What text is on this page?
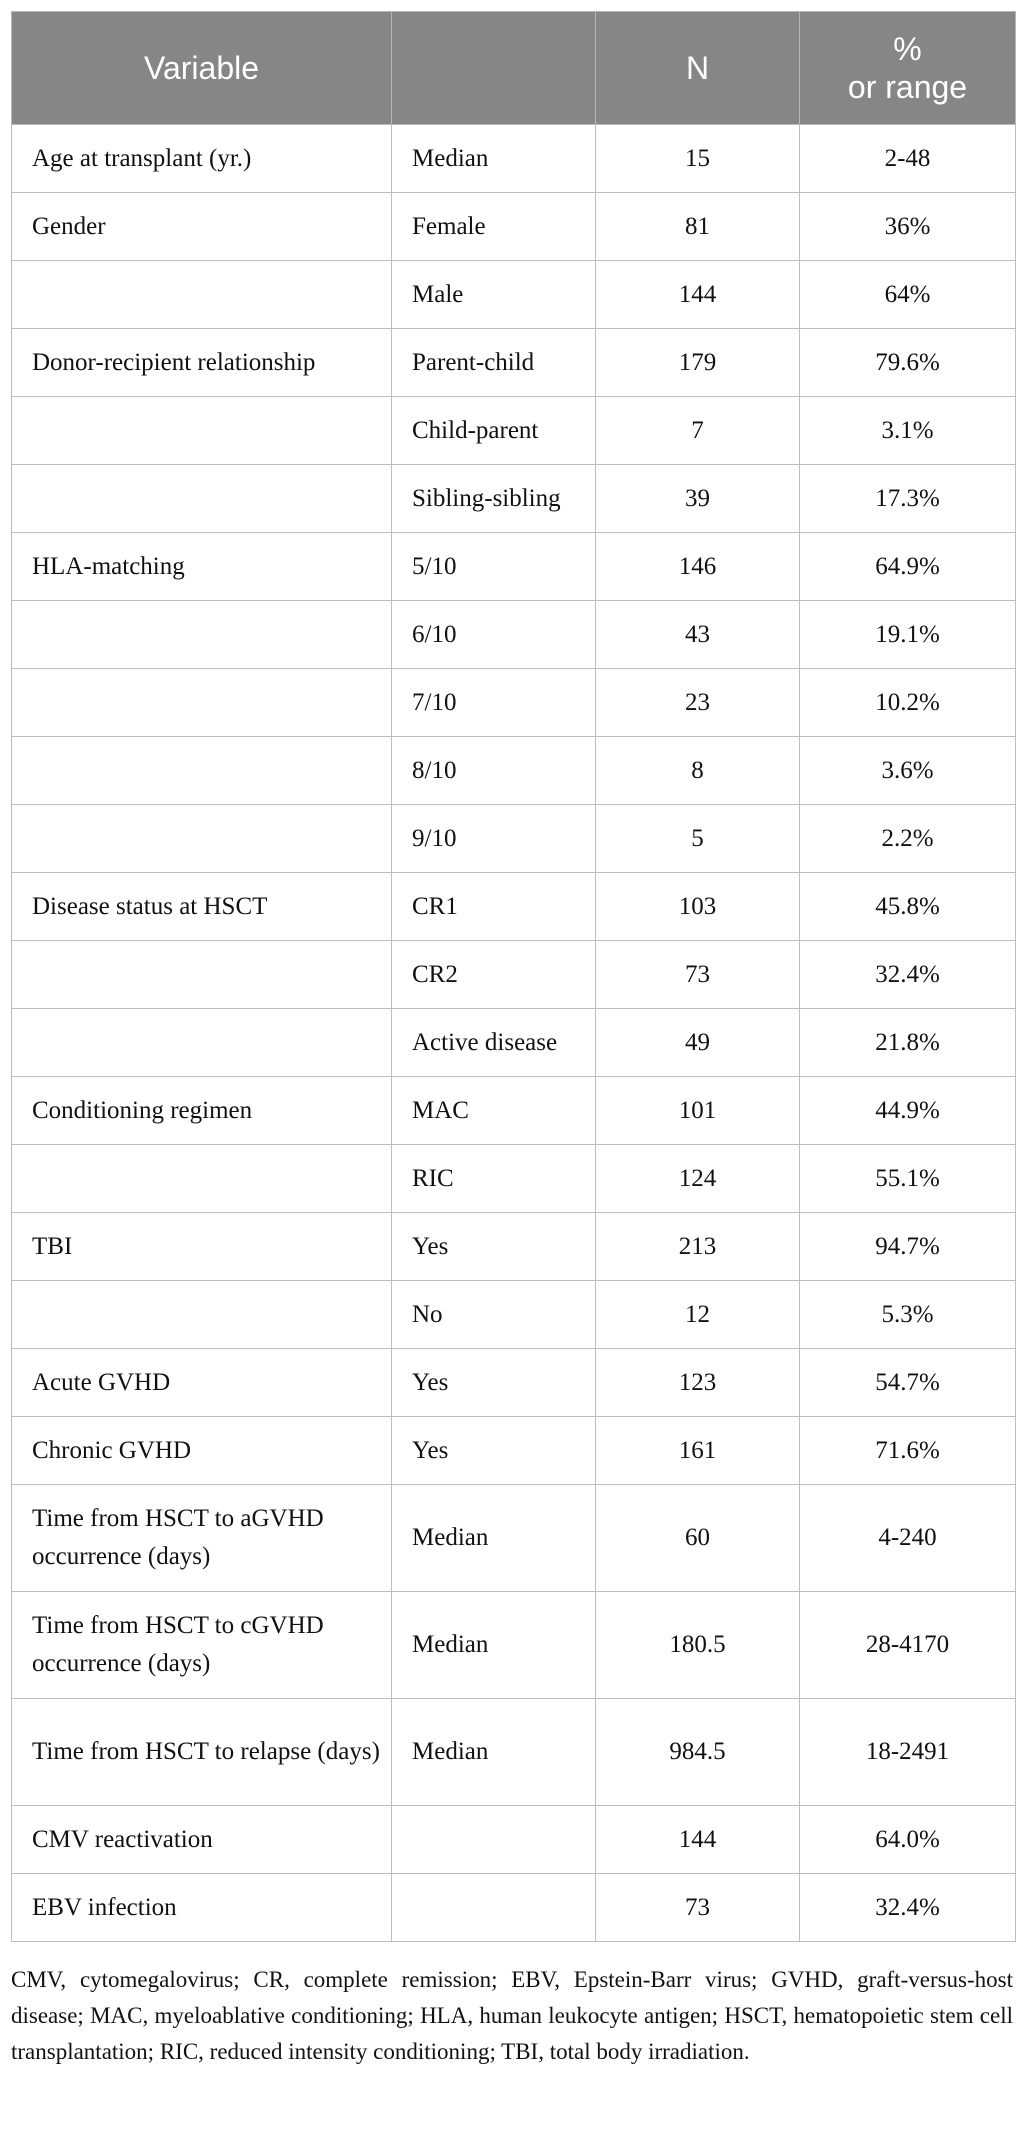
Variable		N	%
or range

Age at transplant (yr.)	Median	15	2-48
Gender	Female	81	36%
	Male	144	64%
Donor-recipient relationship	Parent-child	179	79.6%
	Child-parent	7	3.1%
	Sibling-sibling	39	17.3%
HLA-matching	5/10	146	64.9%
	6/10	43	19.1%
	7/10	23	10.2%
	8/10	8	3.6%
	9/10	5	2.2%
Disease status at HSCT	CR1	103	45.8%
	CR2	73	32.4%
	Active disease	49	21.8%
Conditioning regimen	MAC	101	44.9%
	RIC	124	55.1%
TBI	Yes	213	94.7%
	No	12	5.3%
Acute GVHD	Yes	123	54.7%
Chronic GVHD	Yes	161	71.6%
Time from HSCT to aGVHD occurrence (days)	Median	60	4-240
Time from HSCT to cGVHD occurrence (days)	Median	180.5	28-4170
Time from HSCT to relapse (days)	Median	984.5	18-2491
CMV reactivation		144	64.0%
EBV infection		73	32.4%
CMV, cytomegalovirus; CR, complete remission; EBV, Epstein-Barr virus; GVHD, graft-versus-host disease; MAC, myeloablative conditioning; HLA, human leukocyte antigen; HSCT, hematopoietic stem cell transplantation; RIC, reduced intensity conditioning; TBI, total body irradiation.
